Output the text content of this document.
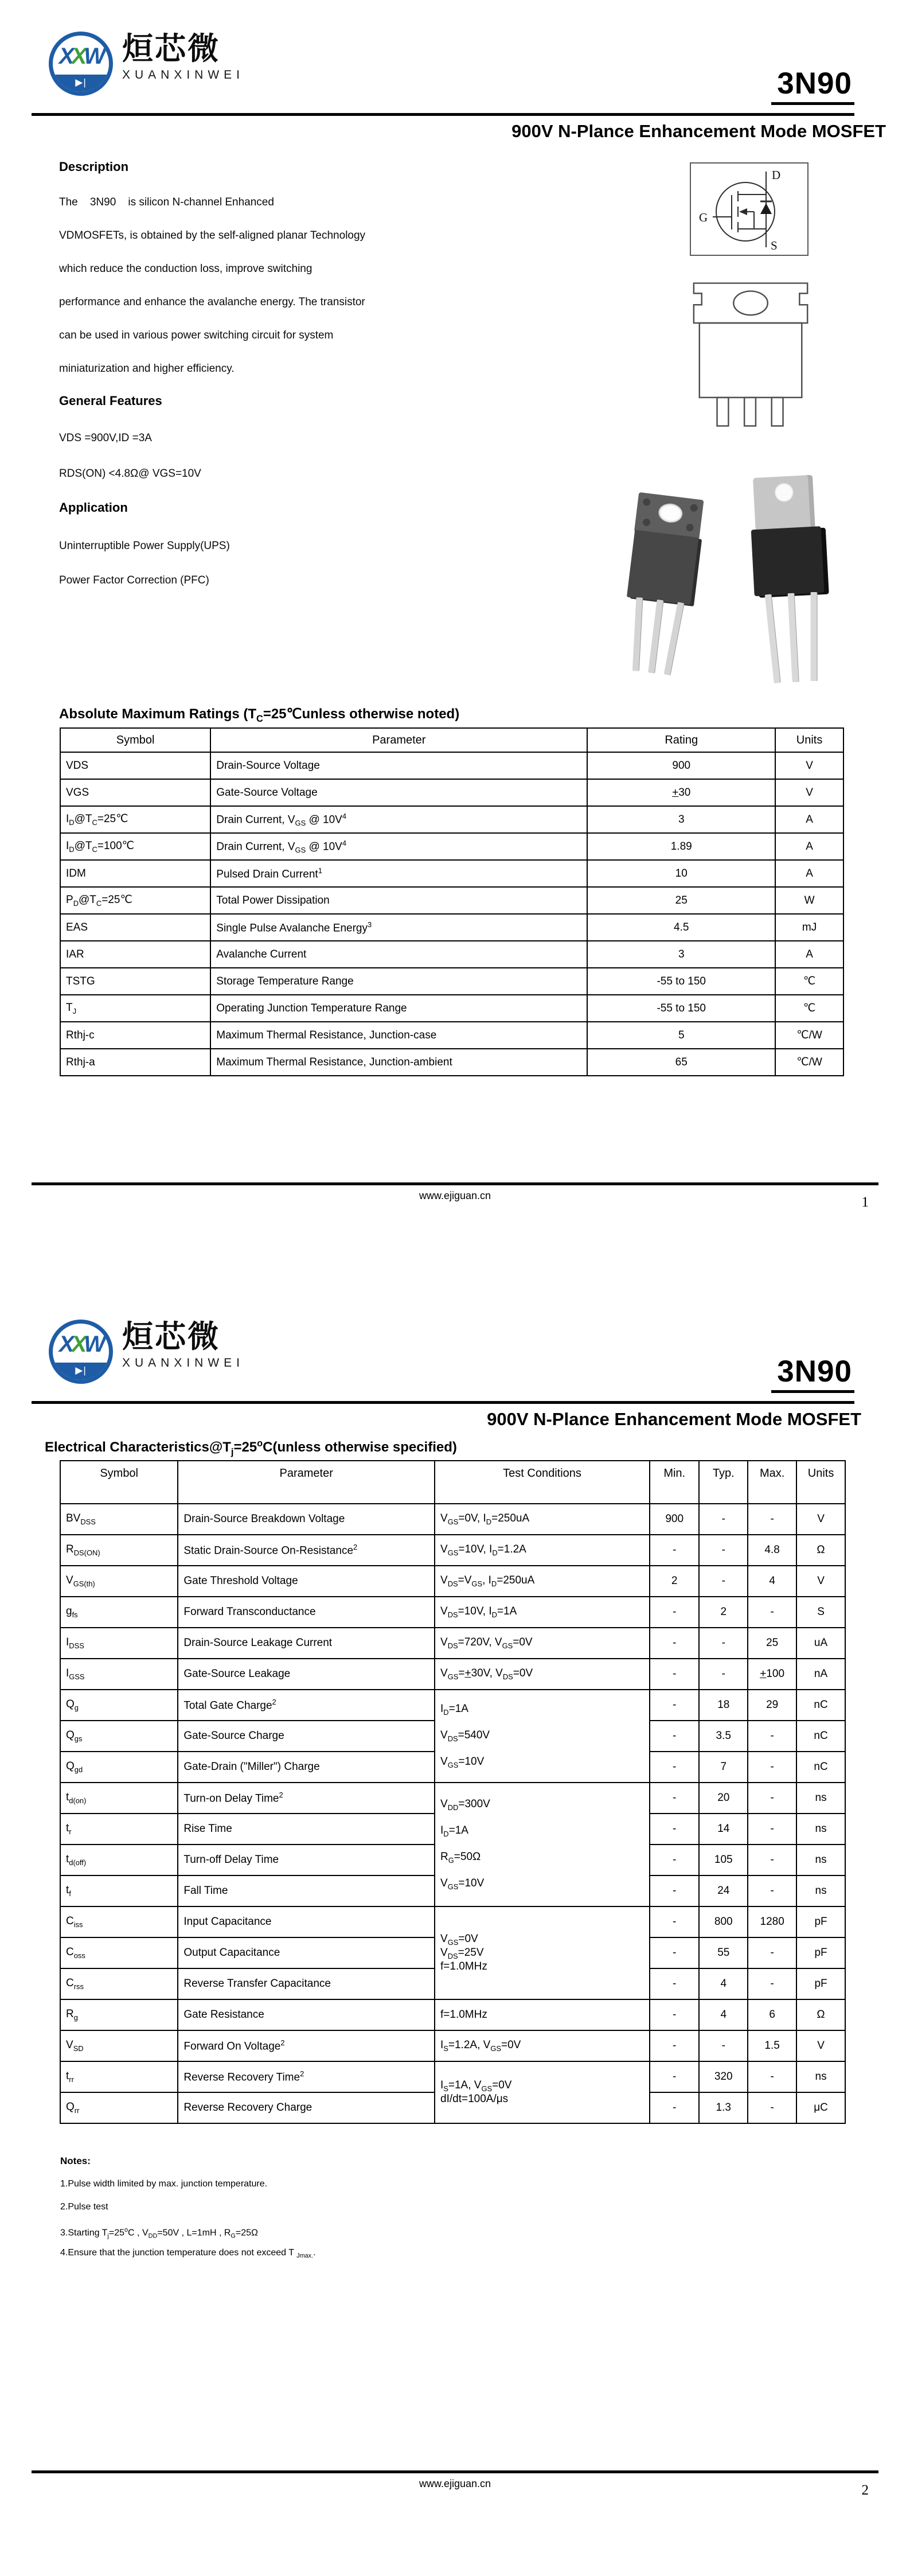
XXW
▶|
烜芯微
XUANXINWEI	3N90
900V N-Plance Enhancement Mode MOSFET
Description
The    3N90    is silicon N-channel Enhanced
VDMOSFETs, is obtained by the self-aligned planar Technology
which reduce the conduction loss, improve switching
performance and enhance the avalanche energy. The transistor
can be used in various power switching circuit for system
miniaturization and higher efficiency.
General Features
VDS =900V,ID =3A
RDS(ON) <4.8Ω@ VGS=10V
Application
Uninterruptible Power Supply(UPS)
Power Factor Correction (PFC)
D
G
S
Absolute Maximum Ratings ($T_C=25℃unless$ otherwise noted)
Symbol	Parameter	Rating	Units
VDS	Drain-Source Voltage	900	V
VGS	Gate-Source Voltage	+30	V
$I_D@T_C=25℃$	Drain Current, $V_{GS}$ @ $10V^4$	3	A
$I_D@T_C=100℃$	Drain Current, $V_{GS}$ @ $10V^4$	1.89	A
IDM	Pulsed Drain Current$^1$	10	A
$P_D@T_C=25℃$	Total Power Dissipation	25	W
EAS	Single Pulse Avalanche Energy$^3$	4.5	mJ
IAR	Avalanche Current	3	A
TSTG	Storage Temperature Range	-55 to 150	℃
$T_J$	Operating Junction Temperature Range	-55 to 150	℃
Rthj-c	Maximum Thermal Resistance, Junction-case	5	℃/W
Rthj-a	Maximum Thermal Resistance, Junction-ambient	65	℃/W
www.ejiguan.cn	1
XXW
▶|
烜芯微
XUANXINWEI	3N90
900V N-Plance Enhancement Mode MOSFET
Electrical $Characteristics@T_j=25^oC(unless$ otherwise specified)
Symbol	Parameter	Test Conditions	Min.	Typ.	Max.	Units
$BV_{DSS}$	Drain-Source Breakdown Voltage	$V_{GS}=0V$, $I_D=250uA$	900	-	-	V
$R_{DS(ON)}$	Static Drain-Source On-Resistance$^2$	$V_{GS}=10V$, $I_D=1.2A$	-	-	4.8	Ω
$V_{GS(th)}$	Gate Threshold Voltage	$V_{DS}=V_{GS}$, $I_D=250uA$	2	-	4	V
$g_{fs}$	Forward Transconductance	$V_{DS}=10V$, $I_D=1A$	-	2	-	S
$I_{DSS}$	Drain-Source Leakage Current	$V_{DS}=720V$, $V_{GS}=0V$	-	-	25	uA
$I_{GSS}$	Gate-Source Leakage	$V_{GS}=+30V$, $V_{DS}=0V$	-	-	+100	nA
$Q_g$	Total Gate Charge$^2$	$I_D=1A$

$V_{DS}=540V$

$V_{GS}=10V$	-	18	29	nC
$Q_{gs}$	Gate-Source Charge		-	3.5	-	nC
$Q_{gd}$	Gate-Drain ("Miller") Charge		-	7	-	nC
$t_{d(on)}$	Turn-on Delay Time$^2$	$V_{DD}=300V$

$I_D=1A$

$R_G=50\Omega$

$V_{GS}=10V$	-	20	-	ns
$t_r$	Rise Time		-	14	-	ns
$t_{d(off)}$	Turn-off Delay Time		-	105	-	ns
$t_f$	Fall Time		-	24	-	ns
$C_{iss}$	Input Capacitance	$V_{GS}=0V$
$V_{DS}=25V$
f=1.0MHz	-	800	1280	pF
$C_{oss}$	Output Capacitance		-	55	-	pF
$C_{rss}$	Reverse Transfer Capacitance		-	4	-	pF
$R_g$	Gate Resistance	f=1.0MHz	-	4	6	Ω
$V_{SD}$	Forward On Voltage$^2$	$I_S=1.2A$, $V_{GS}=0V$	-	-	1.5	V
$t_{rr}$	Reverse Recovery Time$^2$	$I_S=1A$, $V_{GS}=0V$
dI/dt=100A/μs	-	320	-	ns
$Q_{rr}$	Reverse Recovery Charge		-	1.3	-	μC
Notes:
1.Pulse width limited by max. junction temperature.
2.Pulse test
3.Starting $T_j=25^oC$ , $V_{DD}=50V$ , L=1mH , $R_G=25\Omega$
4.Ensure that the junction temperature does not exceed T $_{Jmax.}$.
www.ejiguan.cn	2
